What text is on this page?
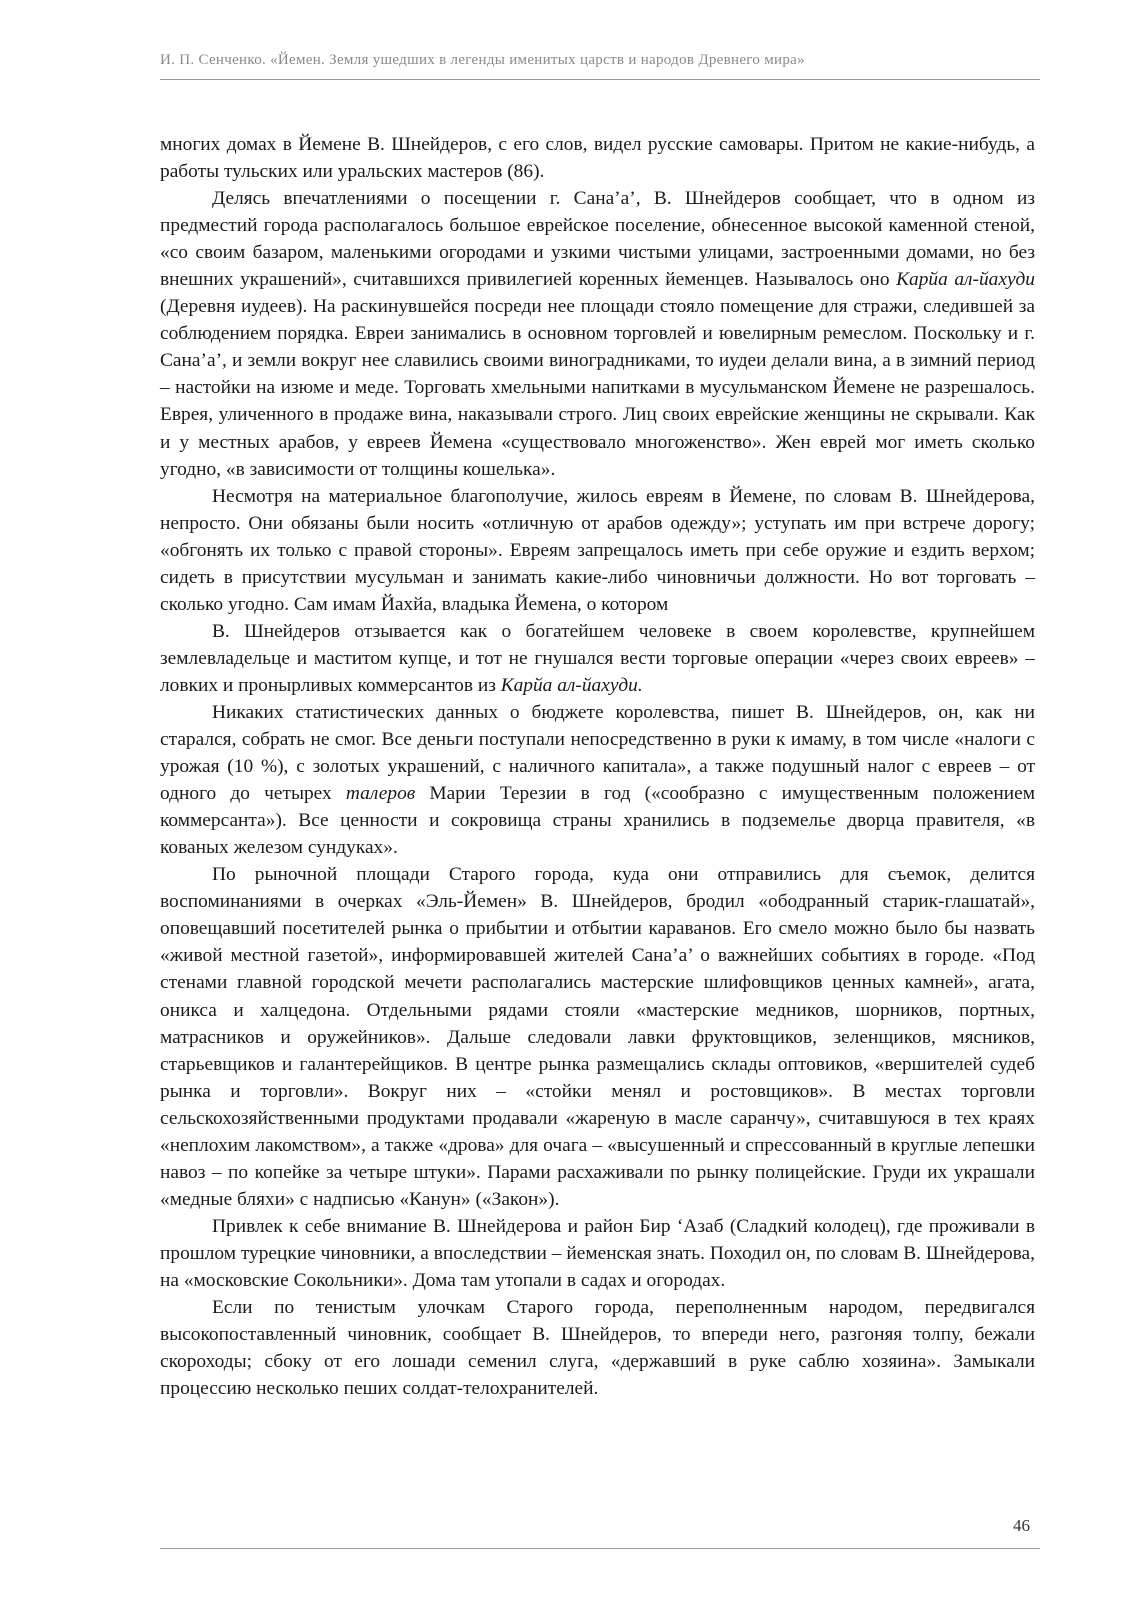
И. П. Сенченко. «Йемен. Земля ушедших в легенды именитых царств и народов Древнего мира»

многих домах в Йемене В. Шнейдеров, с его слов, видел русские самовары. Притом не какие-нибудь, а работы тульских или уральских мастеров (86).

Делясь впечатлениями о посещении г. Сана’а’, В. Шнейдеров сообщает, что в одном из предместий города располагалось большое еврейское поселение, обнесенное высокой каменной стеной, «со своим базаром, маленькими огородами и узкими чистыми улицами, застроенными домами, но без внешних украшений», считавшихся привилегией коренных йеменцев. Называлось оно Карйа ал-йахуди (Деревня иудеев). На раскинувшейся посреди нее площади стояло помещение для стражи, следившей за соблюдением порядка. Евреи занимались в основном торговлей и ювелирным ремеслом. Поскольку и г. Сана’а’, и земли вокруг нее славились своими виноградниками, то иудеи делали вина, а в зимний период – настойки на изюме и меде. Торговать хмельными напитками в мусульманском Йемене не разрешалось. Еврея, уличенного в продаже вина, наказывали строго. Лиц своих еврейские женщины не скрывали. Как и у местных арабов, у евреев Йемена «существовало многоженство». Жен еврей мог иметь сколько угодно, «в зависимости от толщины кошелька».

Несмотря на материальное благополучие, жилось евреям в Йемене, по словам В. Шнейдерова, непросто. Они обязаны были носить «отличную от арабов одежду»; уступать им при встрече дорогу; «обгонять их только с правой стороны». Евреям запрещалось иметь при себе оружие и ездить верхом; сидеть в присутствии мусульман и занимать какие-либо чиновничьи должности. Но вот торговать – сколько угодно. Сам имам Йахйа, владыка Йемена, о котором

В. Шнейдеров отзывается как о богатейшем человеке в своем королевстве, крупнейшем землевладельце и маститом купце, и тот не гнушался вести торговые операции «через своих евреев» – ловких и пронырливых коммерсантов из Карйа ал-йахуди.

Никаких статистических данных о бюджете королевства, пишет В. Шнейдеров, он, как ни старался, собрать не смог. Все деньги поступали непосредственно в руки к имаму, в том числе «налоги с урожая (10 %), с золотых украшений, с наличного капитала», а также подушный налог с евреев – от одного до четырех талеров Марии Терезии в год («сообразно с имущественным положением коммерсанта»). Все ценности и сокровища страны хранились в подземелье дворца правителя, «в кованых железом сундуках».

По рыночной площади Старого города, куда они отправились для съемок, делится воспоминаниями в очерках «Эль-Йемен» В. Шнейдеров, бродил «ободранный старик-глашатай», оповещавший посетителей рынка о прибытии и отбытии караванов. Его смело можно было бы назвать «живой местной газетой», информировавшей жителей Сана’а’ о важнейших событиях в городе. «Под стенами главной городской мечети располагались мастерские шлифовщиков ценных камней», агата, оникса и халцедона. Отдельными рядами стояли «мастерские медников, шорников, портных, матрасников и оружейников». Дальше следовали лавки фруктовщиков, зеленщиков, мясников, старьевщиков и галантерейщиков. В центре рынка размещались склады оптовиков, «вершителей судеб рынка и торговли». Вокруг них – «стойки менял и ростовщиков». В местах торговли сельскохозяйственными продуктами продавали «жареную в масле саранчу», считавшуюся в тех краях «неплохим лакомством», а также «дрова» для очага – «высушенный и спрессованный в круглые лепешки навоз – по копейке за четыре штуки». Парами расхаживали по рынку полицейские. Груди их украшали «медные бляхи» с надписью «Канун» («Закон»).

Привлек к себе внимание В. Шнейдерова и район Бир ‘Азаб (Сладкий колодец), где проживали в прошлом турецкие чиновники, а впоследствии – йеменская знать. Походил он, по словам В. Шнейдерова, на «московские Сокольники». Дома там утопали в садах и огородах.

Если по тенистым улочкам Старого города, переполненным народом, передвигался высокопоставленный чиновник, сообщает В. Шнейдеров, то впереди него, разгоняя толпу, бежали скороходы; сбоку от его лошади семенил слуга, «державший в руке саблю хозяина». Замыкали процессию несколько пеших солдат-телохранителей.

46
